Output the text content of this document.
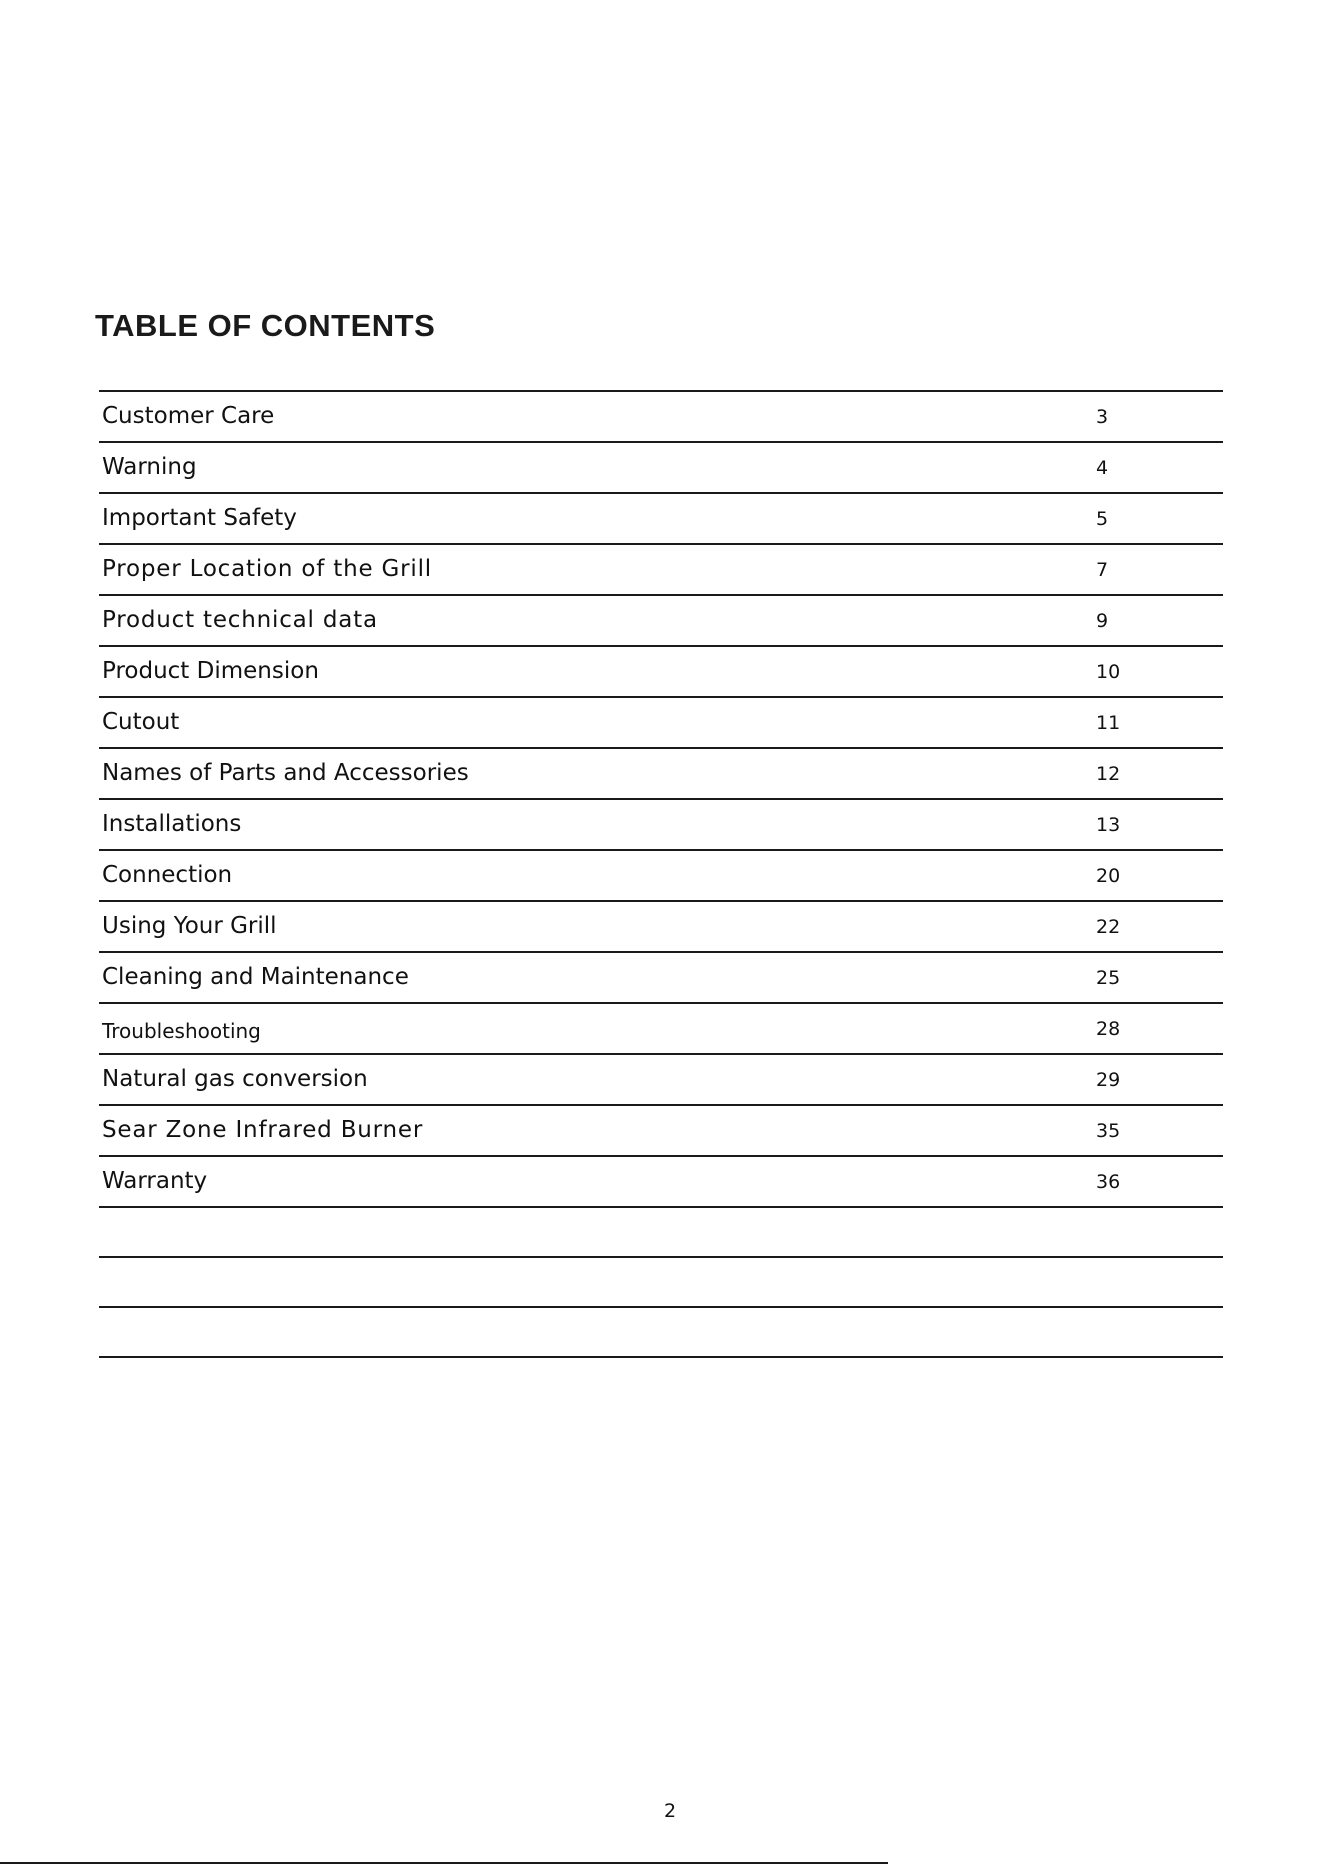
TABLE OF CONTENTS
Customer Care	3
Warning	4
Important Safety	5
Proper Location of the Grill	7
Product technical data	9
Product Dimension	10
Cutout	11
Names of Parts and Accessories	12
Installations	13
Connection	20
Using Your Grill	22
Cleaning and Maintenance	25
Troubleshooting	28
Natural gas conversion	29
Sear Zone Infrared Burner	35
Warranty	36
2
